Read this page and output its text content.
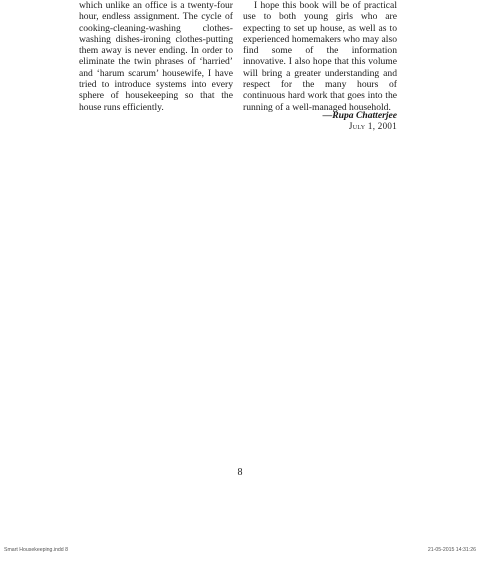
which unlike an office is a twenty-four hour, endless assignment. The cycle of cooking-cleaning-washing clothes-washing dishes-ironing clothes-putting them away is never ending. In order to eliminate the twin phrases of ‘harried’ and ‘harum scarum’ housewife, I have tried to introduce systems into every sphere of housekeeping so that the house runs efficiently.

I hope this book will be of practical use to both young girls who are expecting to set up house, as well as to experienced homemakers who may also find some of the information innovative. I also hope that this volume will bring a greater understanding and respect for the many hours of continuous hard work that goes into the running of a well-managed household.

—Rupa Chatterjee
July 1, 2001
8
Smart Housekeeping.indd 8	21-05-2015 14:31:26
